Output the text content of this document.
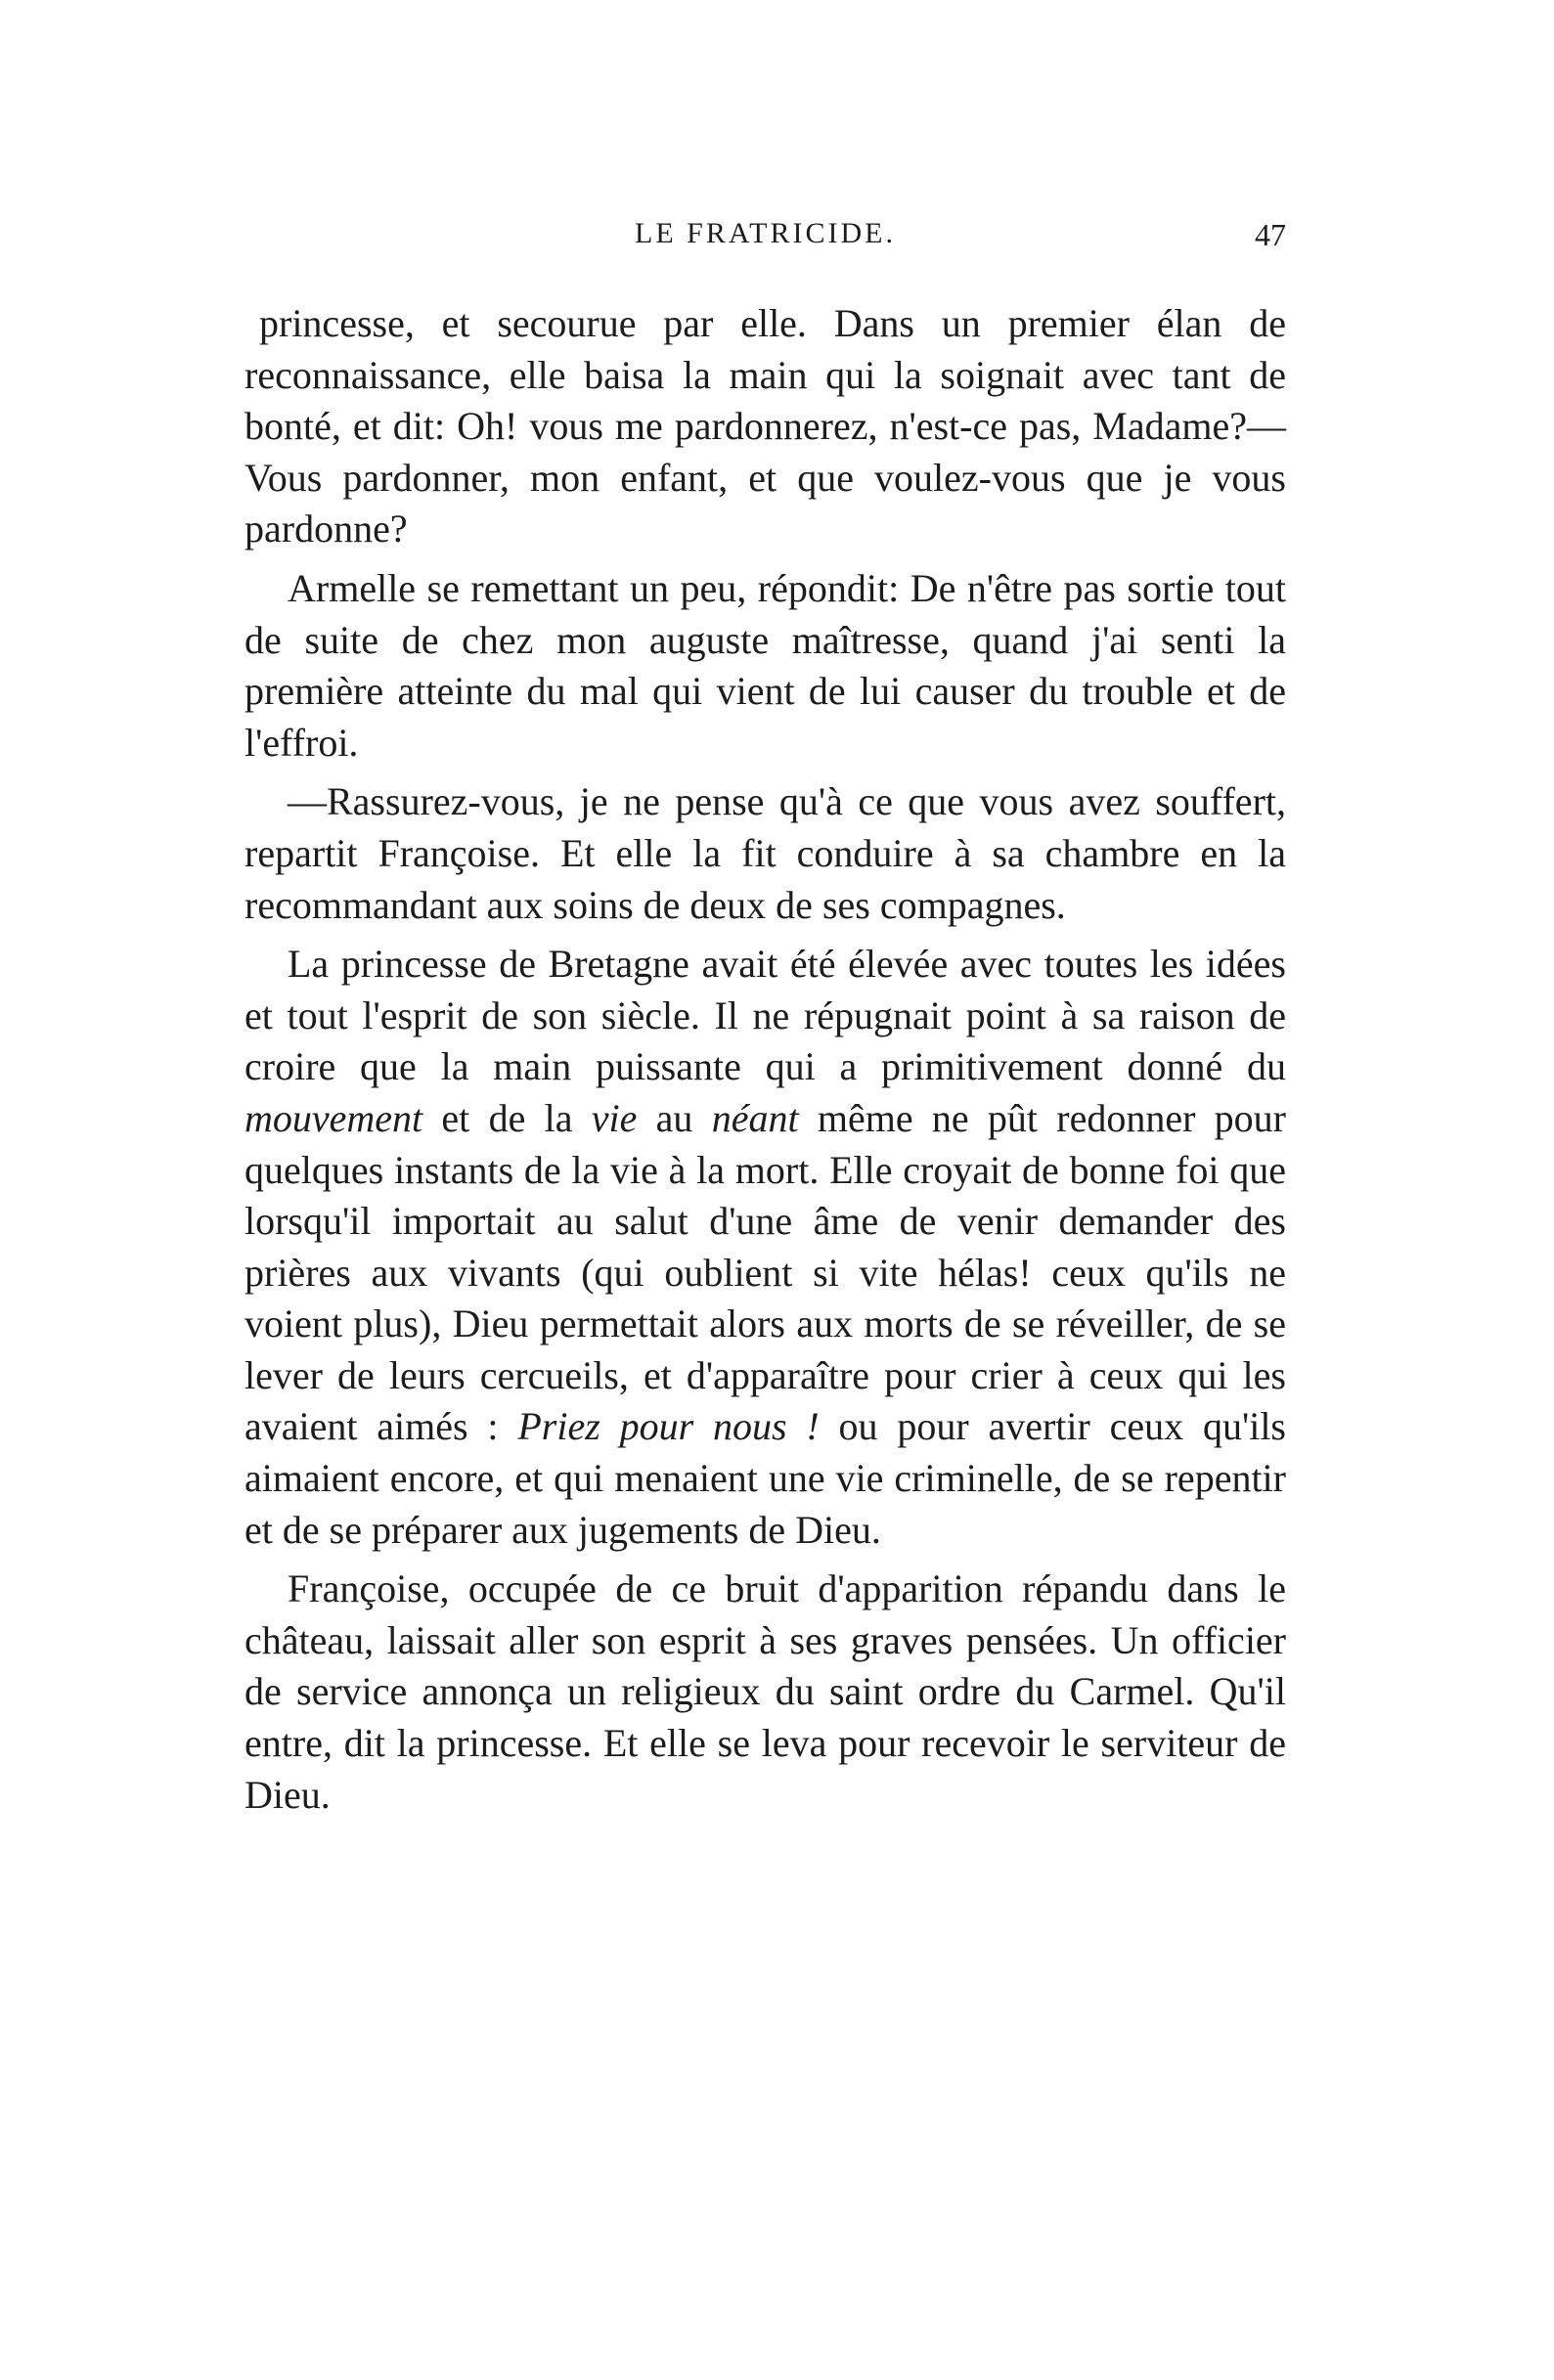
LE FRATRICIDE.	47

princesse, et secourue par elle. Dans un premier élan de reconnaissance, elle baisa la main qui la soignait avec tant de bonté, et dit: Oh! vous me pardonnerez, n'est-ce pas, Madame?—Vous pardonner, mon enfant, et que voulez-vous que je vous pardonne?

Armelle se remettant un peu, répondit: De n'être pas sortie tout de suite de chez mon auguste maîtresse, quand j'ai senti la première atteinte du mal qui vient de lui causer du trouble et de l'effroi.

—Rassurez-vous, je ne pense qu'à ce que vous avez souffert, repartit Françoise. Et elle la fit conduire à sa chambre en la recommandant aux soins de deux de ses compagnes.

La princesse de Bretagne avait été élevée avec toutes les idées et tout l'esprit de son siècle. Il ne répugnait point à sa raison de croire que la main puissante qui a primitivement donné du mouvement et de la vie au néant même ne pût redonner pour quelques instants de la vie à la mort. Elle croyait de bonne foi que lorsqu'il importait au salut d'une âme de venir demander des prières aux vivants (qui oublient si vite hélas! ceux qu'ils ne voient plus), Dieu permettait alors aux morts de se réveiller, de se lever de leurs cercueils, et d'apparaître pour crier à ceux qui les avaient aimés : Priez pour nous ! ou pour avertir ceux qu'ils aimaient encore, et qui menaient une vie criminelle, de se repentir et de se préparer aux jugements de Dieu.

Françoise, occupée de ce bruit d'apparition répandu dans le château, laissait aller son esprit à ses graves pensées. Un officier de service annonça un religieux du saint ordre du Carmel. Qu'il entre, dit la princesse. Et elle se leva pour recevoir le serviteur de Dieu.
